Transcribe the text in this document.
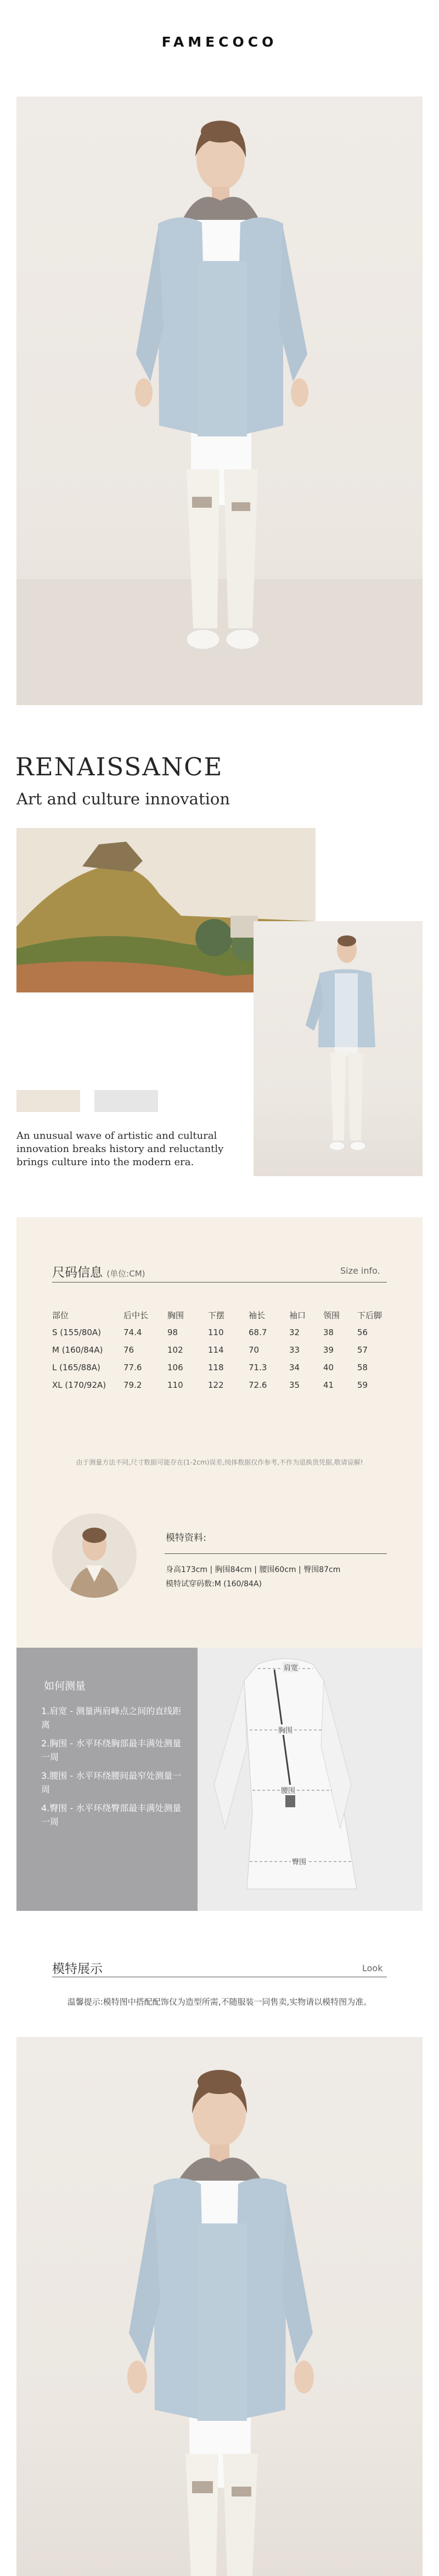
FAMECOCO
RENAISSANCE
Art and culture innovation
An unusual wave of artistic and cultural innovation breaks history and reluctantly brings culture into the modern era.
尺码信息 (单位:CM)	Size info.
部位	后中长	胸围	下摆	袖长	袖口	领围	下后脚
S (155/80A)	74.4	98	110	68.7	32	38	56
M (160/84A)	76	102	114	70	33	39	57
L (165/88A)	77.6	106	118	71.3	34	40	58
XL (170/92A)	79.2	110	122	72.6	35	41	59
由于测量方法不同,尺寸数据可能存在(1-2cm)误差,纯体数据仅作参考,不作为退换货凭据,敬请谅解!
模特资料:
身高173cm | 胸围84cm | 腰围60cm | 臀围87cm
模特试穿码数:M (160/84A)
肩宽
胸围
腰围
臀围
如何测量
1.肩宽 - 测量两肩峰点之间的直线距离
2.胸围 - 水平环绕胸部最丰满处测量一周
3.腰围 - 水平环绕腰间最窄处测量一周
4.臀围 - 水平环绕臀部最丰满处测量一周
模特展示	Look
温馨提示:模特图中搭配配饰仅为造型所需,不随服装一同售卖,实物请以模特图为准。
